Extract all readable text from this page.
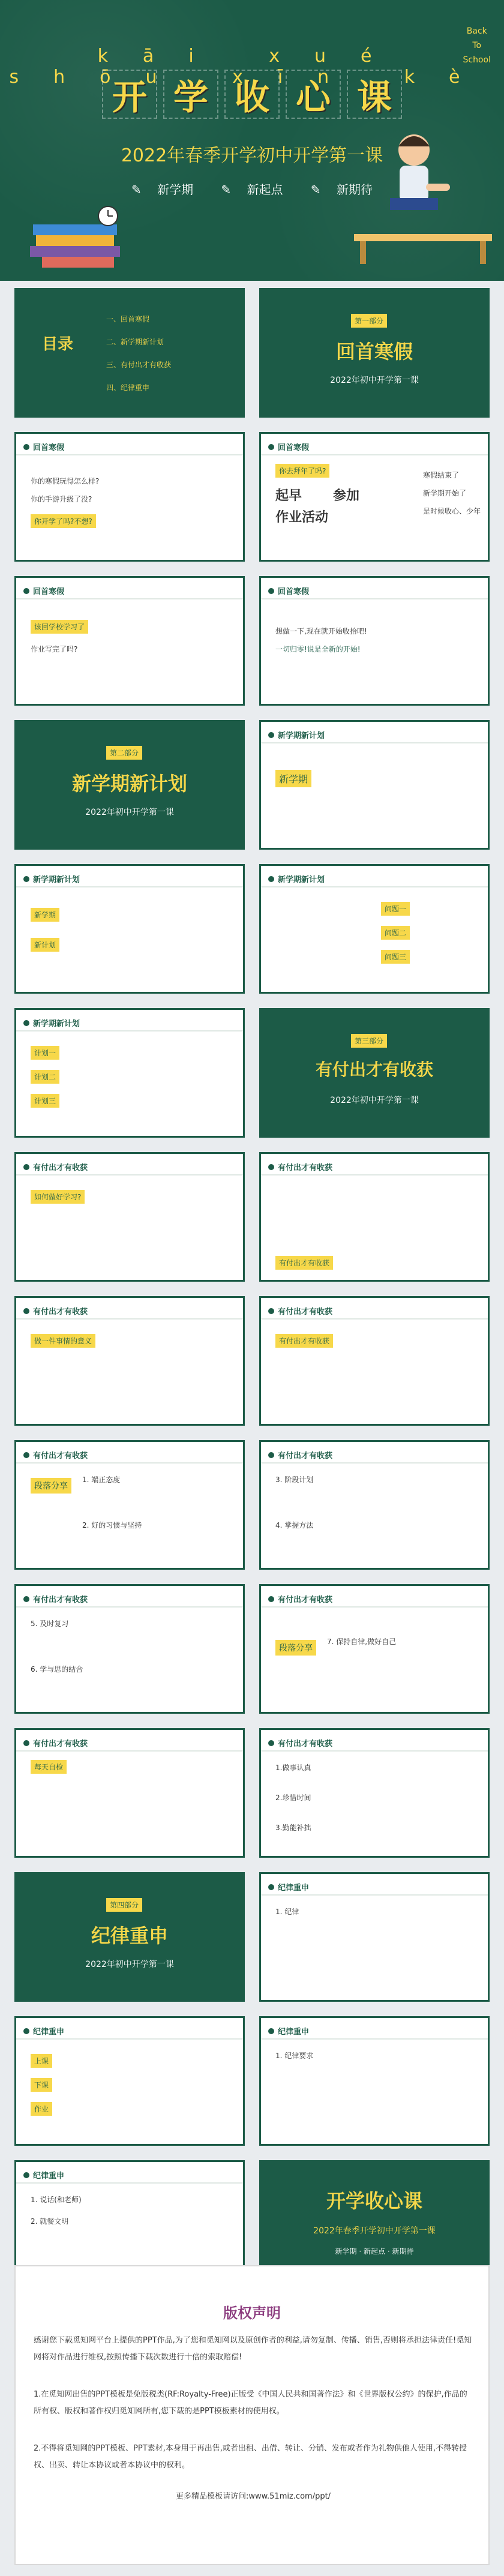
Back
To
School
kāi xué shōu xīn kè
开 学 收 心 课
2022年春季开学初中开学第一课
✎ 新学期 ✎ 新起点 ✎ 新期待
目录
一、回首寒假
二、新学期新计划
三、有付出才有收获
四、纪律重申
第一部分
回首寒假
2022年初中开学第一课
回首寒假
你的寒假玩得怎么样?
你的手游升级了没?
你开学了吗?不想?
回首寒假
你去拜年了吗?
起早 参加
作业活动
寒假结束了
新学期开始了
是时候收心、少年
回首寒假
该回学校学习了
作业写完了吗?
回首寒假
想做一下,现在就开始收拾吧!
一切归零!说是全新的开始!
第二部分
新学期新计划
2022年初中开学第一课
新学期新计划
新学期
新学期新计划
新学期
新计划
新学期新计划
问题一
问题二
问题三
新学期新计划
计划一
计划二
计划三
第三部分
有付出才有收获
2022年初中开学第一课
有付出才有收获
如何做好学习?
有付出才有收获
有付出才有收获
有付出才有收获
做一件事情的意义
有付出才有收获
有付出才有收获
有付出才有收获
段落分享
1. 端正态度
2. 好的习惯与坚持
有付出才有收获
3. 阶段计划
4. 掌握方法
有付出才有收获
5. 及时复习
6. 学与思的结合
有付出才有收获
段落分享
7. 保持自律,做好自己
有付出才有收获
每天自检
有付出才有收获
1.做事认真
2.珍惜时间
3.勤能补拙
第四部分
纪律重申
2022年初中开学第一课
纪律重申
1. 纪律
纪律重申
上课
下课
作业
纪律重申
1. 纪律要求
纪律重申
1. 说话(和老师)
2. 就餐文明
开学收心课
2022年春季开学初中开学第一课
新学期 · 新起点 · 新期待
版权声明
感谢您下载觅知网平台上提供的PPT作品,为了您和觅知网以及原创作者的利益,请勿复制、传播、销售,否则将承担法律责任!觅知网将对作品进行维权,按照传播下载次数进行十倍的索取赔偿!
1.在觅知网出售的PPT模板是免版税类(RF:Royalty-Free)正版受《中国人民共和国著作法》和《世界版权公约》的保护,作品的所有权、版权和著作权归觅知网所有,您下载的是PPT模板素材的使用权。
2.不得将觅知网的PPT模板、PPT素材,本身用于再出售,或者出租、出借、转让、分销、发布或者作为礼物供他人使用,不得转授权、出卖、转让本协议或者本协议中的权利。
更多精品模板请访问:www.51miz.com/ppt/
